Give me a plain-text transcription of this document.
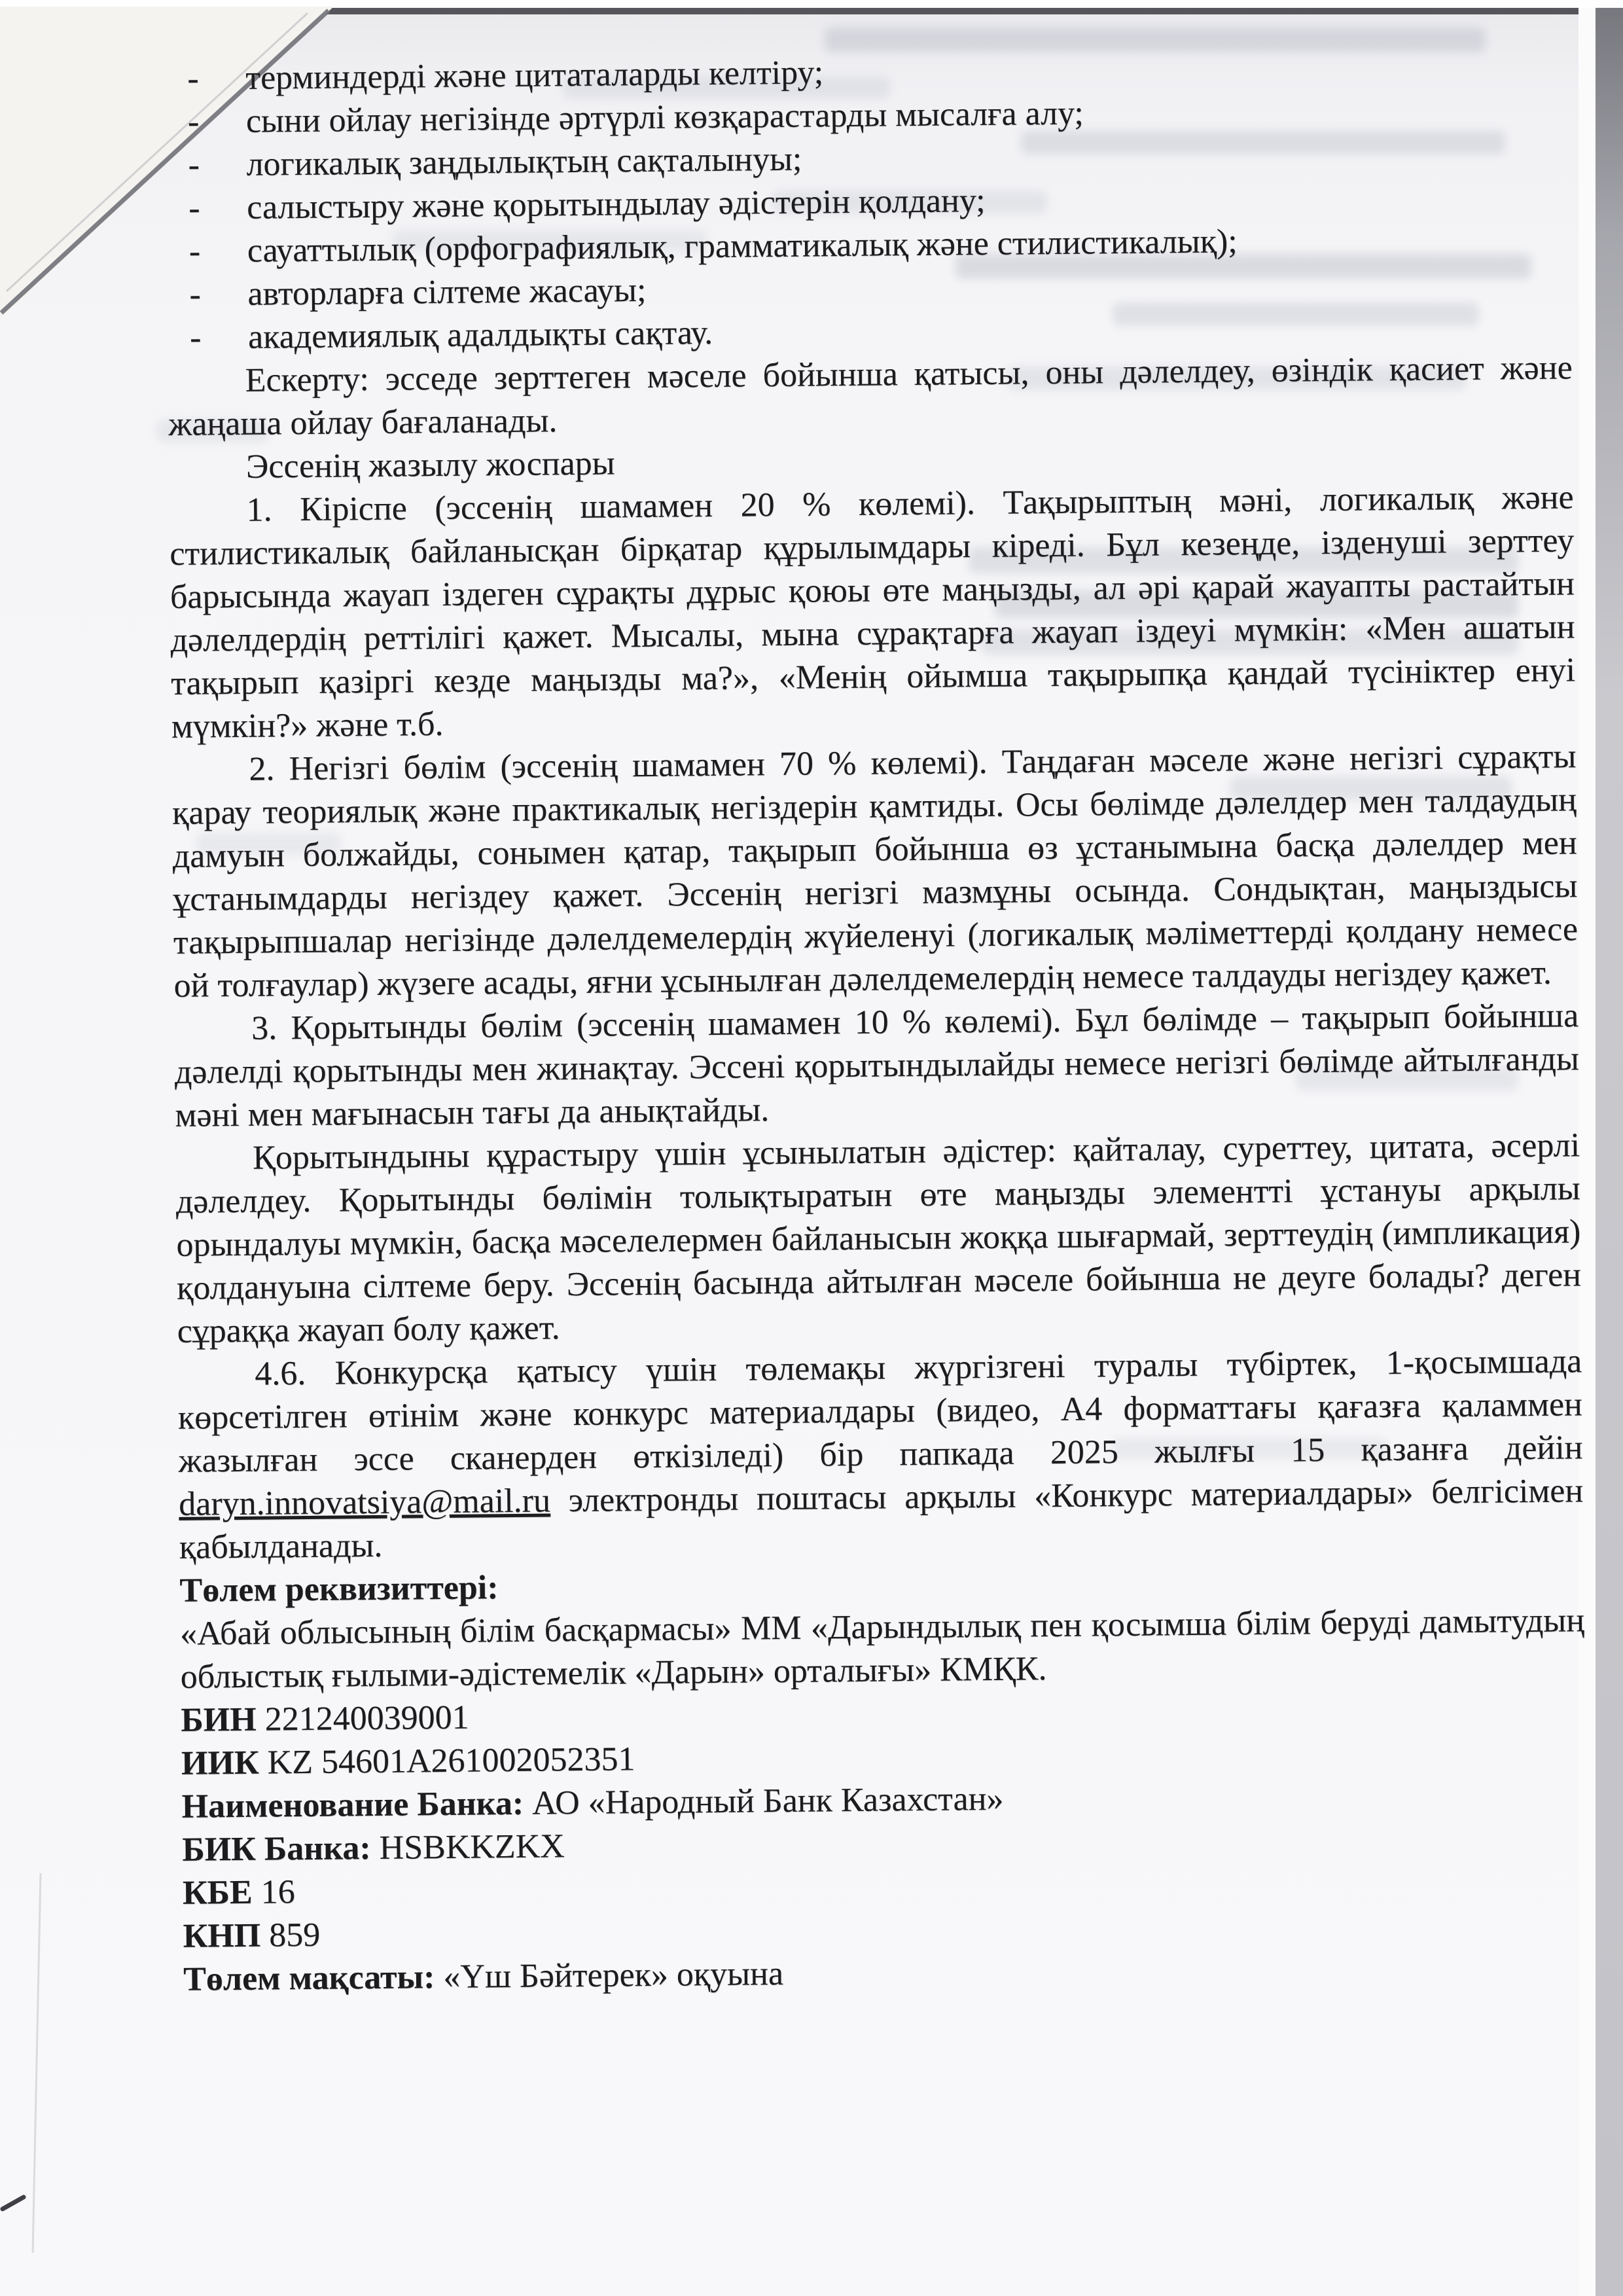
- терминдерді және цитаталарды келтіру;
- сыни ойлау негізінде әртүрлі көзқарастарды мысалға алу;
- логикалық заңдылықтың сақталынуы;
- салыстыру және қорытындылау әдістерін қолдану;
- сауаттылық (орфографиялық, грамматикалық және стилистикалық);
- авторларға сілтеме жасауы;
- академиялық адалдықты сақтау.

Ескерту: эсседе зерттеген мәселе бойынша қатысы, оны дәлелдеу, өзіндік қасиет және жаңаша ойлау бағаланады.

Эссенің жазылу жоспары

1. Кіріспе (эссенің шамамен 20 % көлемі). Тақырыптың мәні, логикалық және стилистикалық байланысқан бірқатар құрылымдары кіреді. Бұл кезеңде, ізденуші зерттеу барысында жауап іздеген сұрақты дұрыс қоюы өте маңызды, ал әрі қарай жауапты растайтын дәлелдердің реттілігі қажет. Мысалы, мына сұрақтарға жауап іздеуі мүмкін: «Мен ашатын тақырып қазіргі кезде маңызды ма?», «Менің ойымша тақырыпқа қандай түсініктер енуі мүмкін?» және т.б.

2. Негізгі бөлім (эссенің шамамен 70 % көлемі). Таңдаған мәселе және негізгі сұрақты қарау теориялық және практикалық негіздерін қамтиды. Осы бөлімде дәлелдер мен талдаудың дамуын болжайды, сонымен қатар, тақырып бойынша өз ұстанымына басқа дәлелдер мен ұстанымдарды негіздеу қажет. Эссенің негізгі мазмұны осында. Сондықтан, маңыздысы тақырыпшалар негізінде дәлелдемелердің жүйеленуі (логикалық мәліметтерді қолдану немесе ой толғаулар) жүзеге асады, яғни ұсынылған дәлелдемелердің немесе талдауды негіздеу қажет.

3. Қорытынды бөлім (эссенің шамамен 10 % көлемі). Бұл бөлімде – тақырып бойынша дәлелді қорытынды мен жинақтау. Эссені қорытындылайды немесе негізгі бөлімде айтылғанды мәні мен мағынасын тағы да анықтайды.

Қорытындыны құрастыру үшін ұсынылатын әдістер: қайталау, суреттеу, цитата, әсерлі дәлелдеу. Қорытынды бөлімін толықтыратын өте маңызды элементті ұстануы арқылы орындалуы мүмкін, басқа мәселелермен байланысын жоққа шығармай, зерттеудің (импликация) қолдануына сілтеме беру. Эссенің басында айтылған мәселе бойынша не деуге болады? деген сұраққа жауап болу қажет.

4.6. Конкурсқа қатысу үшін төлемақы жүргізгені туралы түбіртек, 1-қосымшада көрсетілген өтінім және конкурс материалдары (видео, А4 форматтағы қағазға қаламмен жазылған эссе сканерден өткізіледі) бір папкада 2025 жылғы 15 қазанға дейін daryn.innovatsiya@mail.ru электронды поштасы арқылы «Конкурс материалдары» белгісімен қабылданады.

Төлем реквизиттері:

«Абай облысының білім басқармасы» ММ «Дарындылық пен қосымша білім беруді дамытудың облыстық ғылыми-әдістемелік «Дарын» орталығы» КМҚК.

БИН 221240039001

ИИК KZ 54601A261002052351

Наименование Банка: АО «Народный Банк Казахстан»

БИК Банка: HSBKKZKX

КБЕ 16

КНП 859

Төлем мақсаты: «Үш Бәйтерек» оқуына
